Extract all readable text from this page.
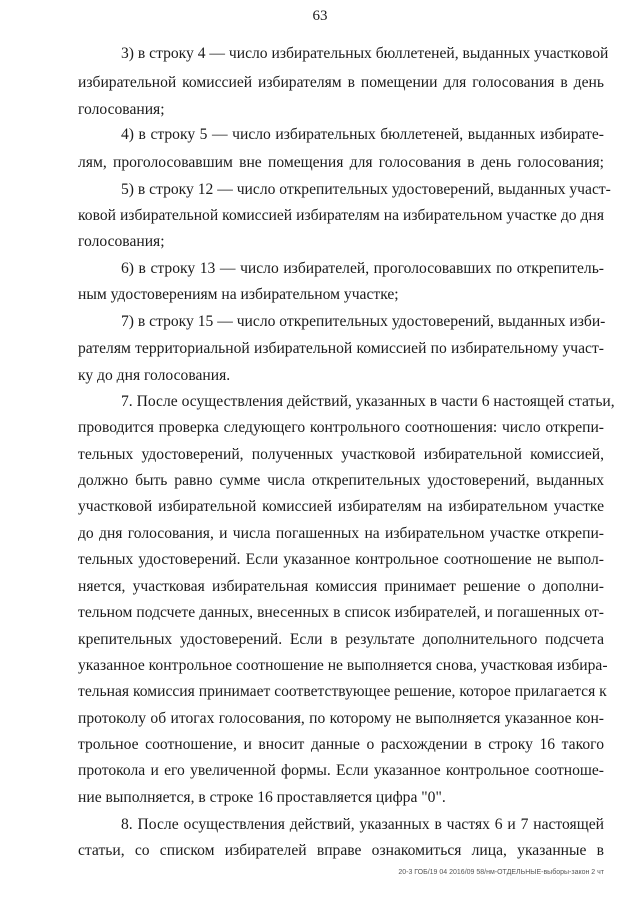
63
3) в строку 4 — число избирательных бюллетеней, выданных участковой
избирательной комиссией избирателям в помещении для голосования в день
голосования;
4) в строку 5 — число избирательных бюллетеней, выданных избирате-
лям, проголосовавшим вне помещения для голосования в день голосования;
5) в строку 12 — число открепительных удостоверений, выданных участ-
ковой избирательной комиссией избирателям на избирательном участке до дня
голосования;
6) в строку 13 — число избирателей, проголосовавших по открепитель-
ным удостоверениям на избирательном участке;
7) в строку 15 — число открепительных удостоверений, выданных изби-
рателям территориальной избирательной комиссией по избирательному участ-
ку до дня голосования.
7. После осуществления действий, указанных в части 6 настоящей статьи,
проводится проверка следующего контрольного соотношения: число открепи-
тельных удостоверений, полученных участковой избирательной комиссией,
должно быть равно сумме числа открепительных удостоверений, выданных
участковой избирательной комиссией избирателям на избирательном участке
до дня голосования, и числа погашенных на избирательном участке открепи-
тельных удостоверений. Если указанное контрольное соотношение не выпол-
няется, участковая избирательная комиссия принимает решение о дополни-
тельном подсчете данных, внесенных в список избирателей, и погашенных от-
крепительных удостоверений. Если в результате дополнительного подсчета
указанное контрольное соотношение не выполняется снова, участковая избира-
тельная комиссия принимает соответствующее решение, которое прилагается к
протоколу об итогах голосования, по которому не выполняется указанное кон-
трольное соотношение, и вносит данные о расхождении в строку 16 такого
протокола и его увеличенной формы. Если указанное контрольное соотноше-
ние выполняется, в строке 16 проставляется цифра "0".
8. После осуществления действий, указанных в частях 6 и 7 настоящей
статьи, со списком избирателей вправе ознакомиться лица, указанные в
20-3 ГОБ/19 04 2016/09 58/нм-ОТДЕЛЬНЫЕ-выборы-закон 2 чт
